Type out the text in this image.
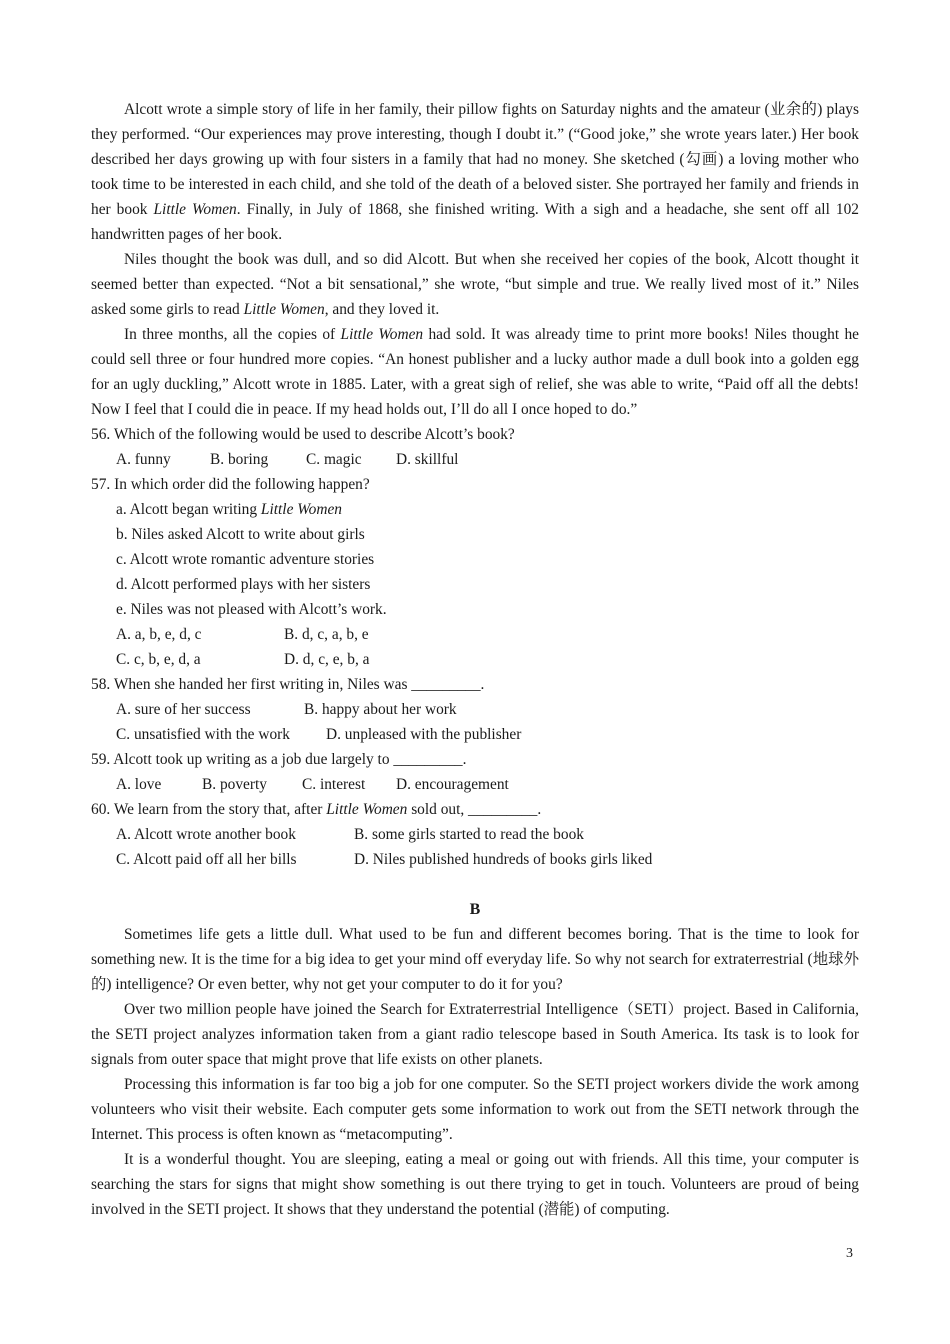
Alcott wrote a simple story of life in her family, their pillow fights on Saturday nights and the amateur (业余的) plays they performed. “Our experiences may prove interesting, though I doubt it.” (“Good joke,” she wrote years later.) Her book described her days growing up with four sisters in a family that had no money. She sketched (勾画) a loving mother who took time to be interested in each child, and she told of the death of a beloved sister. She portrayed her family and friends in her book Little Women. Finally, in July of 1868, she finished writing. With a sigh and a headache, she sent off all 102 handwritten pages of her book.

Niles thought the book was dull, and so did Alcott. But when she received her copies of the book, Alcott thought it seemed better than expected. “Not a bit sensational,” she wrote, “but simple and true. We really lived most of it.” Niles asked some girls to read Little Women, and they loved it.

In three months, all the copies of Little Women had sold. It was already time to print more books! Niles thought he could sell three or four hundred more copies. “An honest publisher and a lucky author made a dull book into a golden egg for an ugly duckling,” Alcott wrote in 1885. Later, with a great sigh of relief, she was able to write, “Paid off all the debts! Now I feel that I could die in peace. If my head holds out, I’ll do all I once hoped to do.”

56. Which of the following would be used to describe Alcott’s book?

A. funny	B. boring C. magic D. skillful

57. In which order did the following happen?

a. Alcott began writing Little Women

b. Niles asked Alcott to write about girls

c. Alcott wrote romantic adventure stories

d. Alcott performed plays with her sisters

e. Niles was not pleased with Alcott’s work.

A. a, b, e, d, c	B. d, c, a, b, e

C. c, b, e, d, a	D. d, c, e, b, a

58. When she handed her first writing in, Niles was _________.

A. sure of her success	B. happy about her work

C. unsatisfied with the work D. unpleased with the publisher

59. Alcott took up writing as a job due largely to _________.

A. love	B. poverty C. interest D. encouragement

60. We learn from the story that, after Little Women sold out, _________.

A. Alcott wrote another book	B. some girls started to read the book

C. Alcott paid off all her bills	D. Niles published hundreds of books girls liked

B

Sometimes life gets a little dull. What used to be fun and different becomes boring. That is the time to look for something new. It is the time for a big idea to get your mind off everyday life. So why not search for extraterrestrial (地球外的) intelligence? Or even better, why not get your computer to do it for you?

Over two million people have joined the Search for Extraterrestrial Intelligence（SETI）project. Based in California, the SETI project analyzes information taken from a giant radio telescope based in South America. Its task is to look for signals from outer space that might prove that life exists on other planets.

Processing this information is far too big a job for one computer. So the SETI project workers divide the work among volunteers who visit their website. Each computer gets some information to work out from the SETI network through the Internet. This process is often known as “metacomputing”.

It is a wonderful thought. You are sleeping, eating a meal or going out with friends. All this time, your computer is searching the stars for signs that might show something is out there trying to get in touch. Volunteers are proud of being involved in the SETI project. It shows that they understand the potential (潜能) of computing.

3
